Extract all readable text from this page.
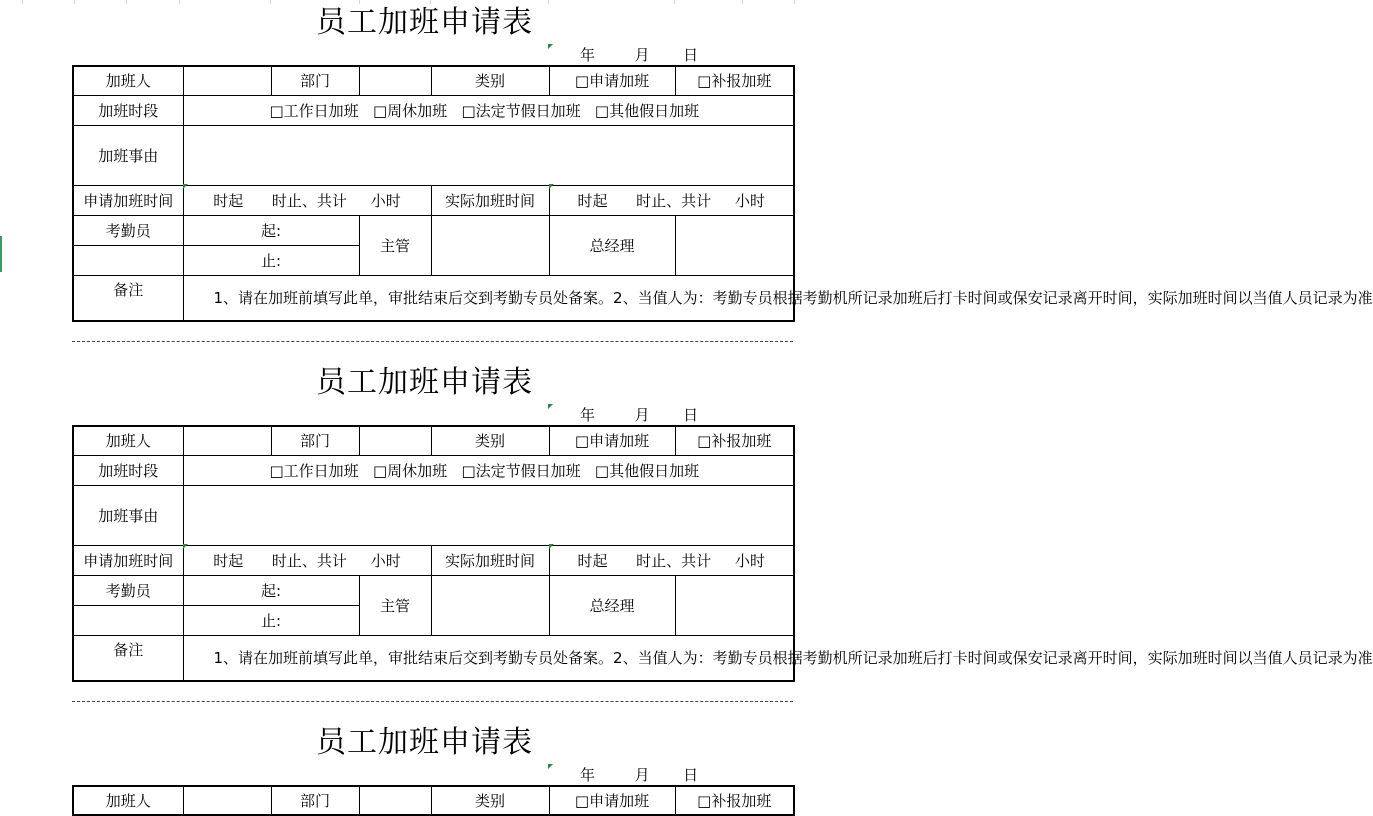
员工加班申请表
年	月 日
加班人		部门		类别	□申请加班	□补报加班
加班时段	□工作日加班   □周休加班   □法定节假日加班   □其他假日加班					
加班事由						
申请加班时间	时起      时止、共计     小时			实际加班时间	时起      时止、共计     小时	
考勤员	起:		主管		总经理	
	止:					
备注	　　1、请在加班前填写此单，审批结束后交到考勤专员处备案。2、当值人为：考勤专员根据考勤机所记录加班后打卡时间或保安记录离开时间，实际加班时间以当值人员记录为准					
员工加班申请表
年	月 日
加班人		部门		类别	□申请加班	□补报加班
加班时段	□工作日加班   □周休加班   □法定节假日加班   □其他假日加班					
加班事由						
申请加班时间	时起      时止、共计     小时			实际加班时间	时起      时止、共计     小时	
考勤员	起:		主管		总经理	
	止:					
备注	　　1、请在加班前填写此单，审批结束后交到考勤专员处备案。2、当值人为：考勤专员根据考勤机所记录加班后打卡时间或保安记录离开时间，实际加班时间以当值人员记录为准					
员工加班申请表
年	月 日
加班人		部门		类别	□申请加班	□补报加班
